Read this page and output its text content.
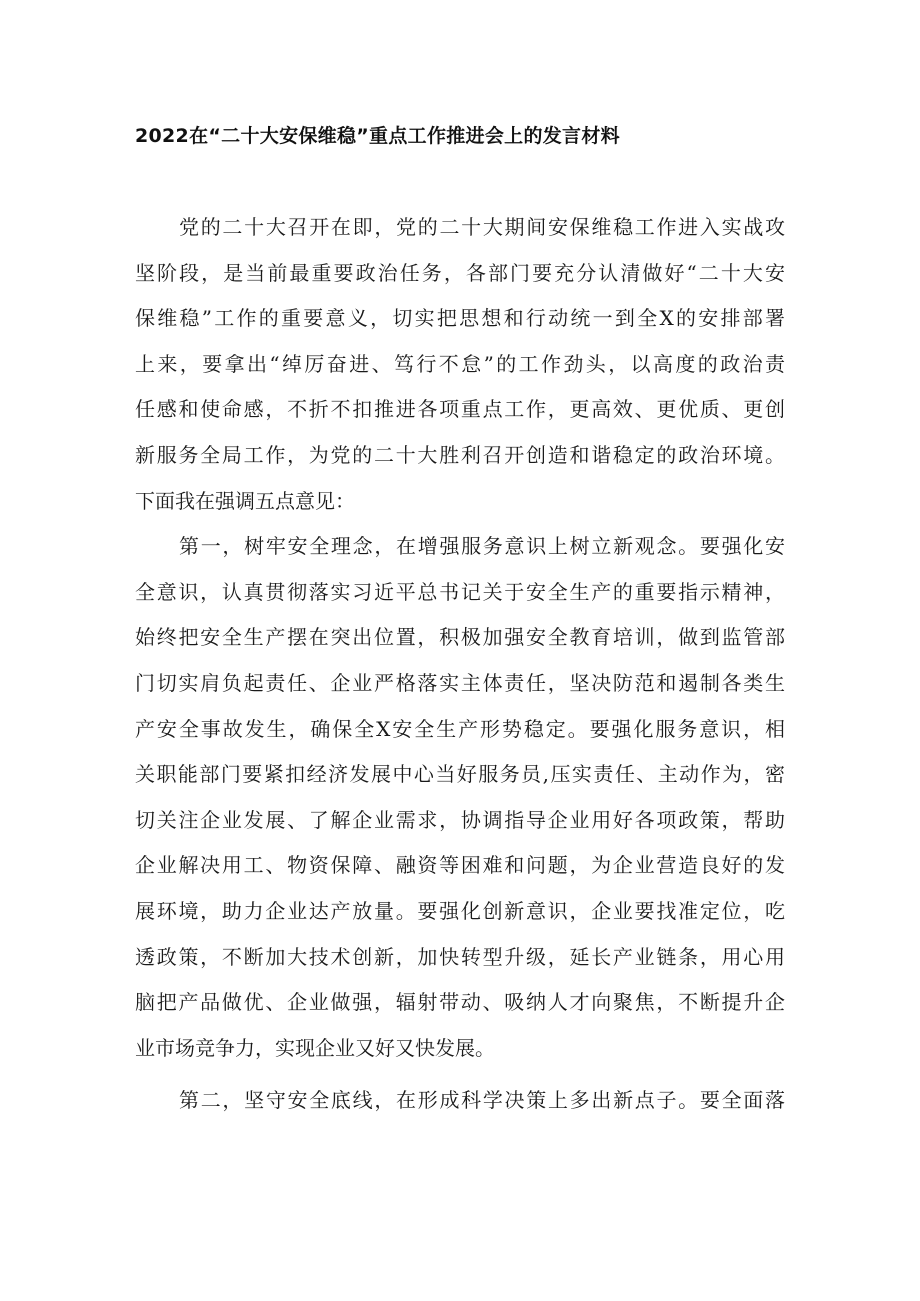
2022在“二十大安保维稳”重点工作推进会上的发言材料
党的二十大召开在即，党的二十大期间安保维稳工作进入实战攻
坚阶段，是当前最重要政治任务，各部门要充分认清做好“二十大安
保维稳”工作的重要意义，切实把思想和行动统一到全X的安排部署
上来，要拿出“绰厉奋进、笃行不怠”的工作劲头，以高度的政治责
任感和使命感，不折不扣推进各项重点工作，更高效、更优质、更创
新服务全局工作，为党的二十大胜利召开创造和谐稳定的政治环境。
下面我在强调五点意见：
第一，树牢安全理念，在增强服务意识上树立新观念。要强化安
全意识，认真贯彻落实习近平总书记关于安全生产的重要指示精神，
始终把安全生产摆在突出位置，积极加强安全教育培训，做到监管部
门切实肩负起责任、企业严格落实主体责任，坚决防范和遏制各类生
产安全事故发生，确保全X安全生产形势稳定。要强化服务意识，相
关职能部门要紧扣经济发展中心当好服务员,压实责任、主动作为，密
切关注企业发展、了解企业需求，协调指导企业用好各项政策，帮助
企业解决用工、物资保障、融资等困难和问题，为企业营造良好的发
展环境，助力企业达产放量。要强化创新意识，企业要找准定位，吃
透政策，不断加大技术创新，加快转型升级，延长产业链条，用心用
脑把产品做优、企业做强，辐射带动、吸纳人才向聚焦，不断提升企
业市场竞争力，实现企业又好又快发展。
第二，坚守安全底线，在形成科学决策上多出新点子。要全面落
